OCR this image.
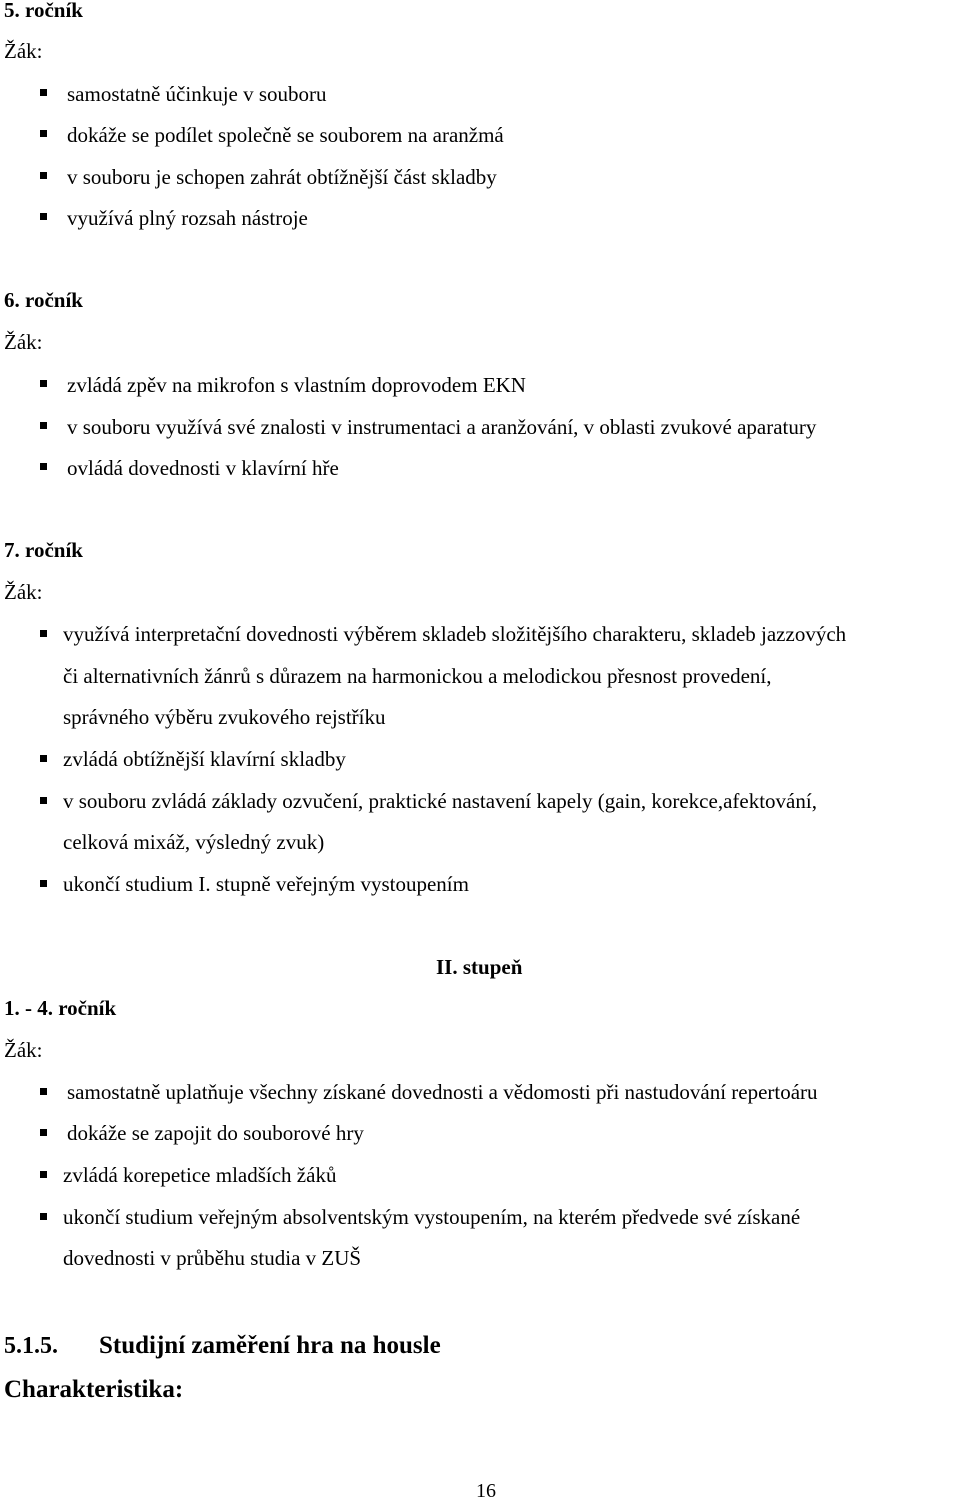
5. ročník
Žák:
samostatně účinkuje v souboru
dokáže se podílet společně se souborem na aranžmá
v souboru je schopen zahrát obtížnější část skladby
využívá plný rozsah nástroje
6. ročník
Žák:
zvládá zpěv na mikrofon s vlastním doprovodem EKN
v souboru využívá své znalosti v instrumentaci a aranžování, v oblasti zvukové aparatury
ovládá dovednosti v klavírní hře
7. ročník
Žák:
využívá interpretační dovednosti výběrem skladeb složitějšího charakteru, skladeb jazzových
či alternativních žánrů s důrazem na harmonickou a melodickou přesnost provedení,
správného výběru zvukového rejstříku
zvládá obtížnější klavírní skladby
v souboru zvládá základy ozvučení, praktické nastavení kapely (gain, korekce,afektování,
celková mixáž, výsledný zvuk)
ukončí studium I. stupně veřejným vystoupením
II. stupeň
1. - 4. ročník
Žák:
samostatně uplatňuje všechny získané dovednosti a vědomosti při nastudování repertoáru
dokáže se zapojit do souborové hry
zvládá korepetice mladších žáků
ukončí studium veřejným absolventským vystoupením, na kterém předvede své získané
dovednosti v průběhu studia v ZUŠ
5.1.5. Studijní zaměření hra na housle
Charakteristika:
16
